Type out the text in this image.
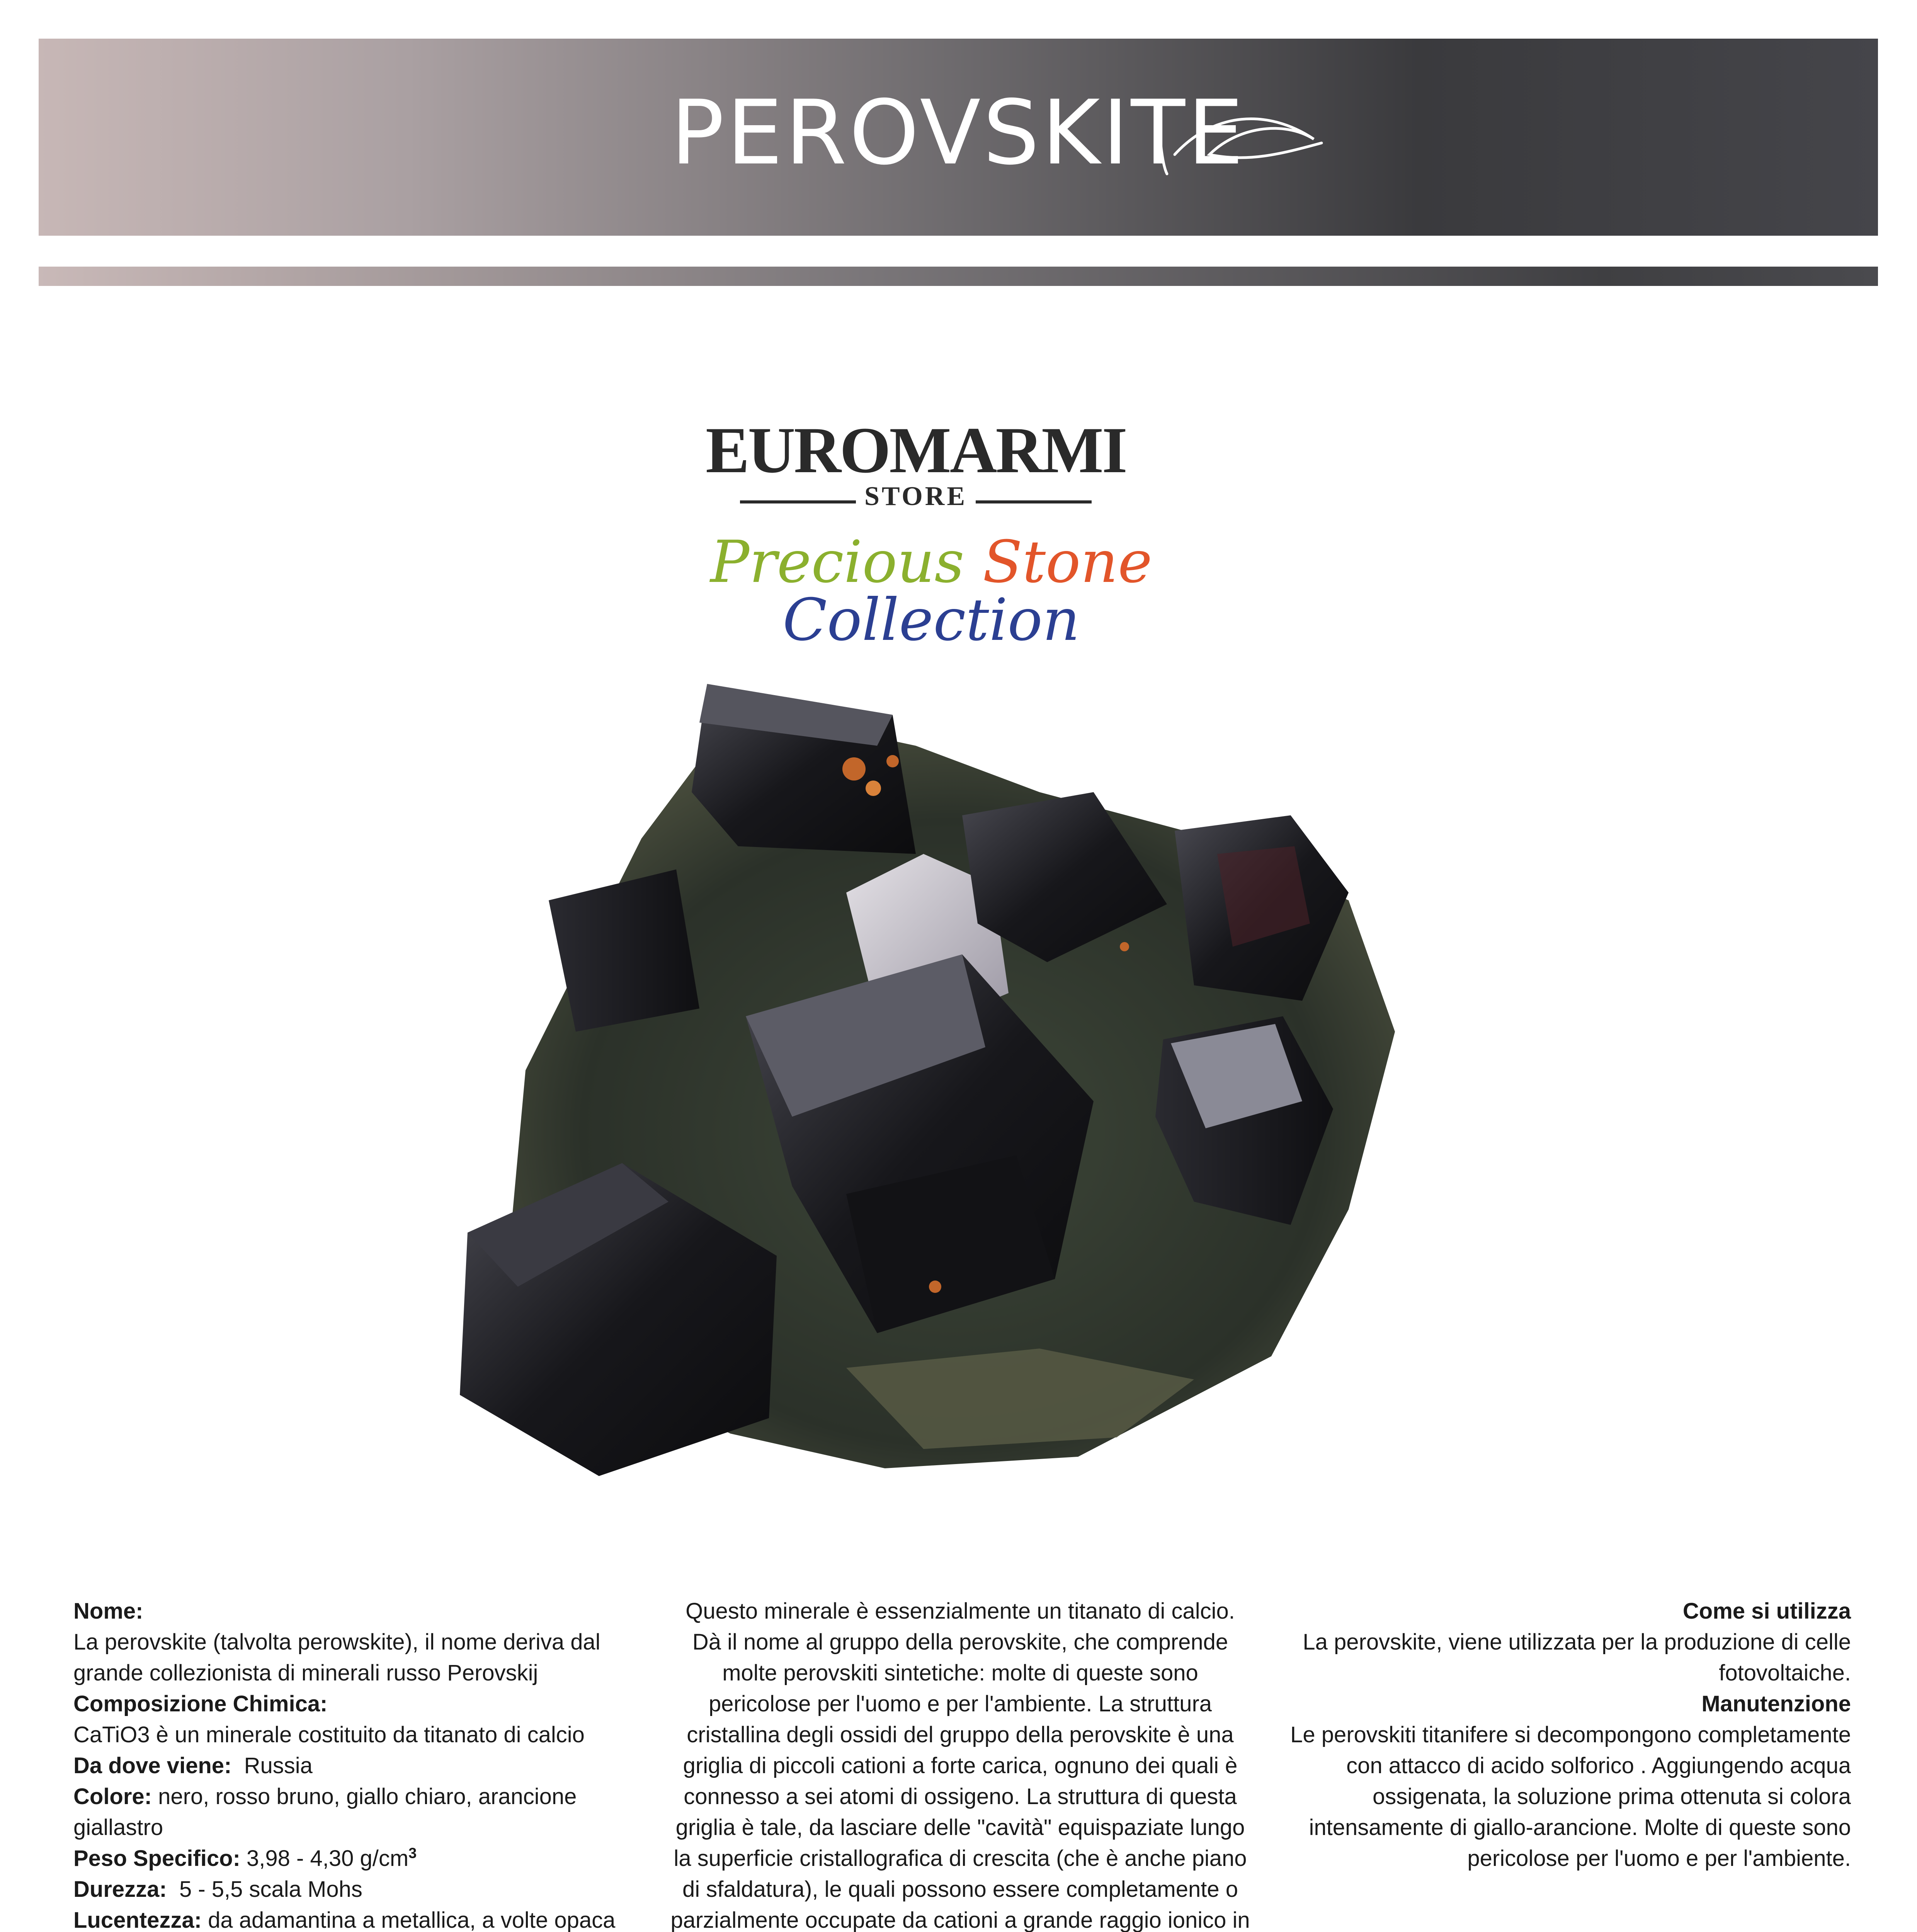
PEROVSKITE
EUROMARMI
STORE
Precious Stone Collection

Nome:

La perovskite (talvolta perowskite), il nome deriva dal grande collezionista di minerali russo Perovskij

Composizione Chimica:

CaTiO3 è un minerale costituito da titanato di calcio

Da dove viene: Russia

Colore: nero, rosso bruno, giallo chiaro, arancione giallastro

Peso Specifico: 3,98 - 4,30 $g/cm^3$

Durezza: 5 - 5,5 scala Mohs

Lucentezza: da adamantina a metallica, a volte opaca

Questo minerale è essenzialmente un titanato di calcio. Dà il nome al gruppo della perovskite, che comprende molte perovskiti sintetiche: molte di queste sono pericolose per l'uomo e per l'ambiente. La struttura cristallina degli ossidi del gruppo della perovskite è una griglia di piccoli cationi a forte carica, ognuno dei quali è connesso a sei atomi di ossigeno. La struttura di questa griglia è tale, da lasciare delle "cavità" equispaziate lungo la superficie cristallografica di crescita (che è anche piano di sfaldatura), le quali possono essere completamente o parzialmente occupate da cationi a grande raggio ionico in

Come si utilizza

La perovskite, viene utilizzata per la produzione di celle fotovoltaiche.

Manutenzione

Le perovskiti titanifere si decompongono completamente con attacco di acido solforico . Aggiungendo acqua ossigenata, la soluzione prima ottenuta si colora intensamente di giallo-arancione. Molte di queste sono pericolose per l'uomo e per l'ambiente.
